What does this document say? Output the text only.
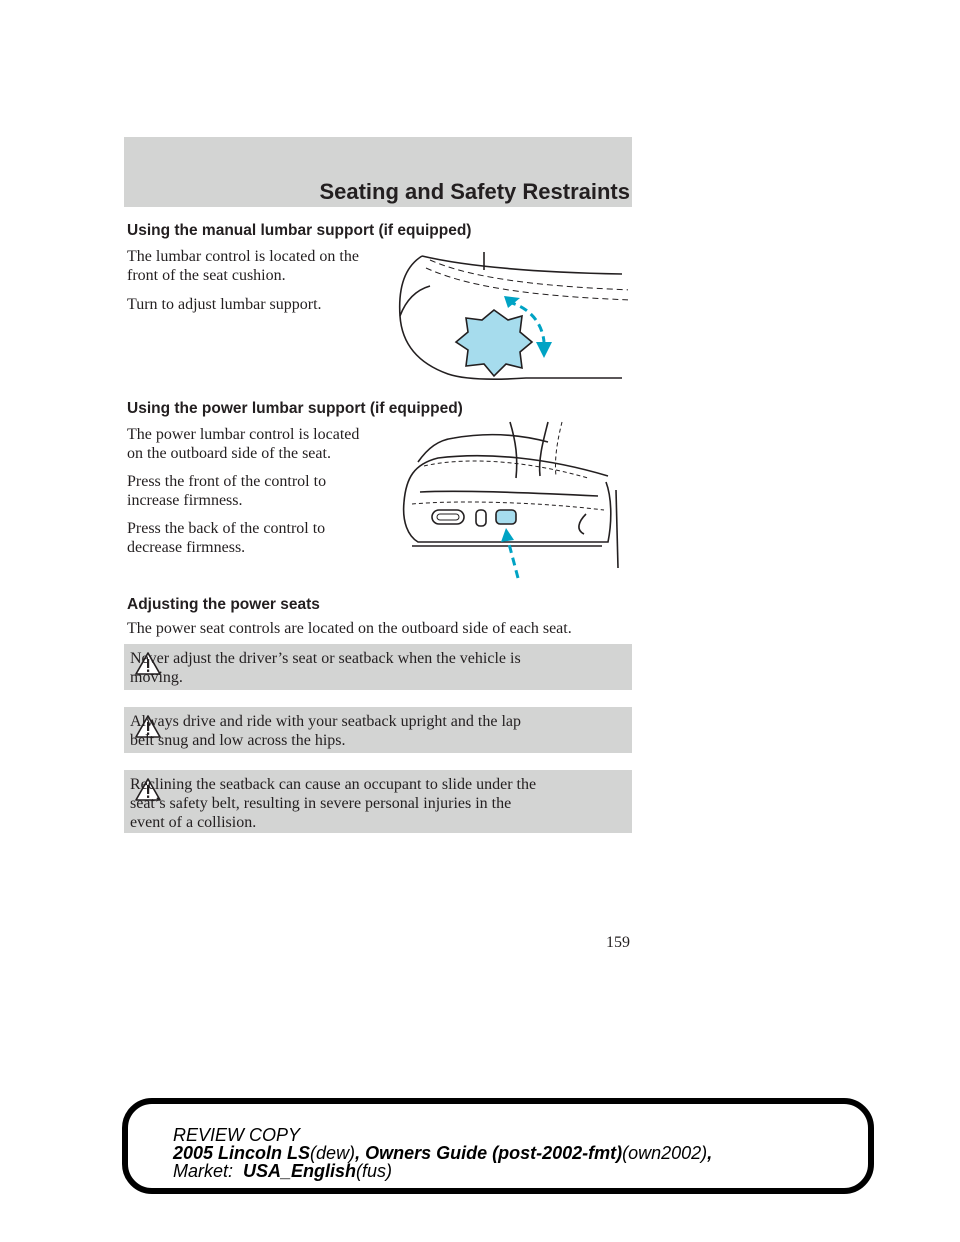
Seating and Safety Restraints
Using the manual lumbar support (if equipped)
The lumbar control is located on the
front of the seat cushion.
Turn to adjust lumbar support.
Using the power lumbar support (if equipped)
The power lumbar control is located
on the outboard side of the seat.
Press the front of the control to
increase firmness.
Press the back of the control to
decrease firmness.
Adjusting the power seats
The power seat controls are located on the outboard side of each seat.
Never adjust the driver’s seat or seatback when the vehicle is
moving.
Always drive and ride with your seatback upright and the lap
belt snug and low across the hips.
Reclining the seatback can cause an occupant to slide under the
seat’s safety belt, resulting in severe personal injuries in the
event of a collision.
159
REVIEW COPY
2005 Lincoln LS(dew), Owners Guide (post-2002-fmt)(own2002),
Market:  USA_English(fus)
